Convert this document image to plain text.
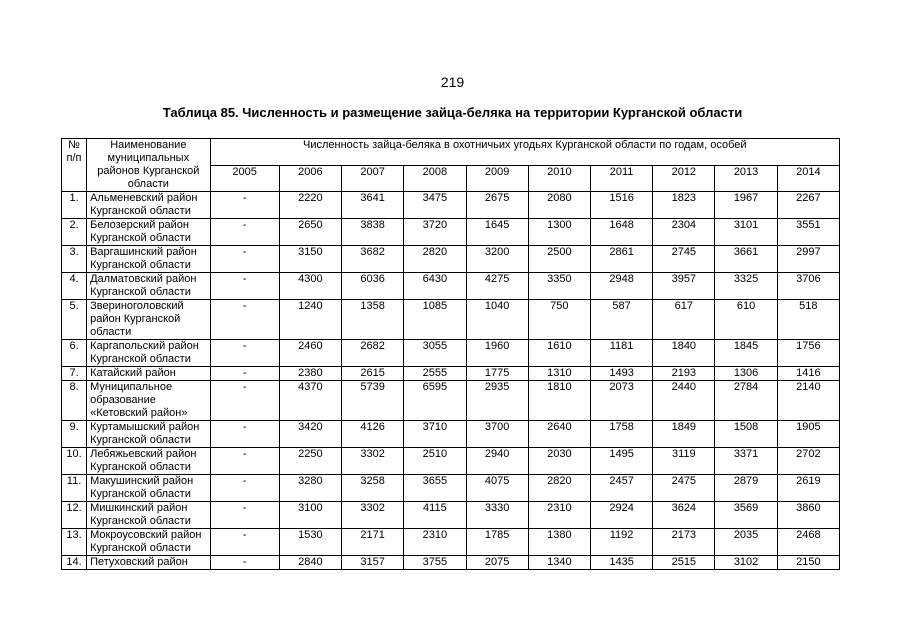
219
Таблица 85. Численность и размещение зайца-беляка на территории Курганской области
№ п/п	Наименование муниципальных районов Курганской области	Численность зайца-беляка в охотничьих угодьях Курганской области по годам, особей									
		2005	2006	2007	2008	2009	2010	2011	2012	2013	2014
1.	Альменевский район Курганской области	-	2220	3641	3475	2675	2080	1516	1823	1967	2267
2.	Белозерский район Курганской области	-	2650	3838	3720	1645	1300	1648	2304	3101	3551
3.	Варгашинский район Курганской области	-	3150	3682	2820	3200	2500	2861	2745	3661	2997
4.	Далматовский район Курганской области	-	4300	6036	6430	4275	3350	2948	3957	3325	3706
5.	Звериноголовский район Курганской области	-	1240	1358	1085	1040	750	587	617	610	518
6.	Каргапольский район Курганской области	-	2460	2682	3055	1960	1610	1181	1840	1845	1756
7.	Катайский район	-	2380	2615	2555	1775	1310	1493	2193	1306	1416
8.	Муниципальное образование «Кетовский район»	-	4370	5739	6595	2935	1810	2073	2440	2784	2140
9.	Куртамышский район Курганской области	-	3420	4126	3710	3700	2640	1758	1849	1508	1905
10.	Лебяжьевский район Курганской области	-	2250	3302	2510	2940	2030	1495	3119	3371	2702
11.	Макушинский район Курганской области	-	3280	3258	3655	4075	2820	2457	2475	2879	2619
12.	Мишкинский район Курганской области	-	3100	3302	4115	3330	2310	2924	3624	3569	3860
13.	Мокроусовский район Курганской области	-	1530	2171	2310	1785	1380	1192	2173	2035	2468
14.	Петуховский район	-	2840	3157	3755	2075	1340	1435	2515	3102	2150
